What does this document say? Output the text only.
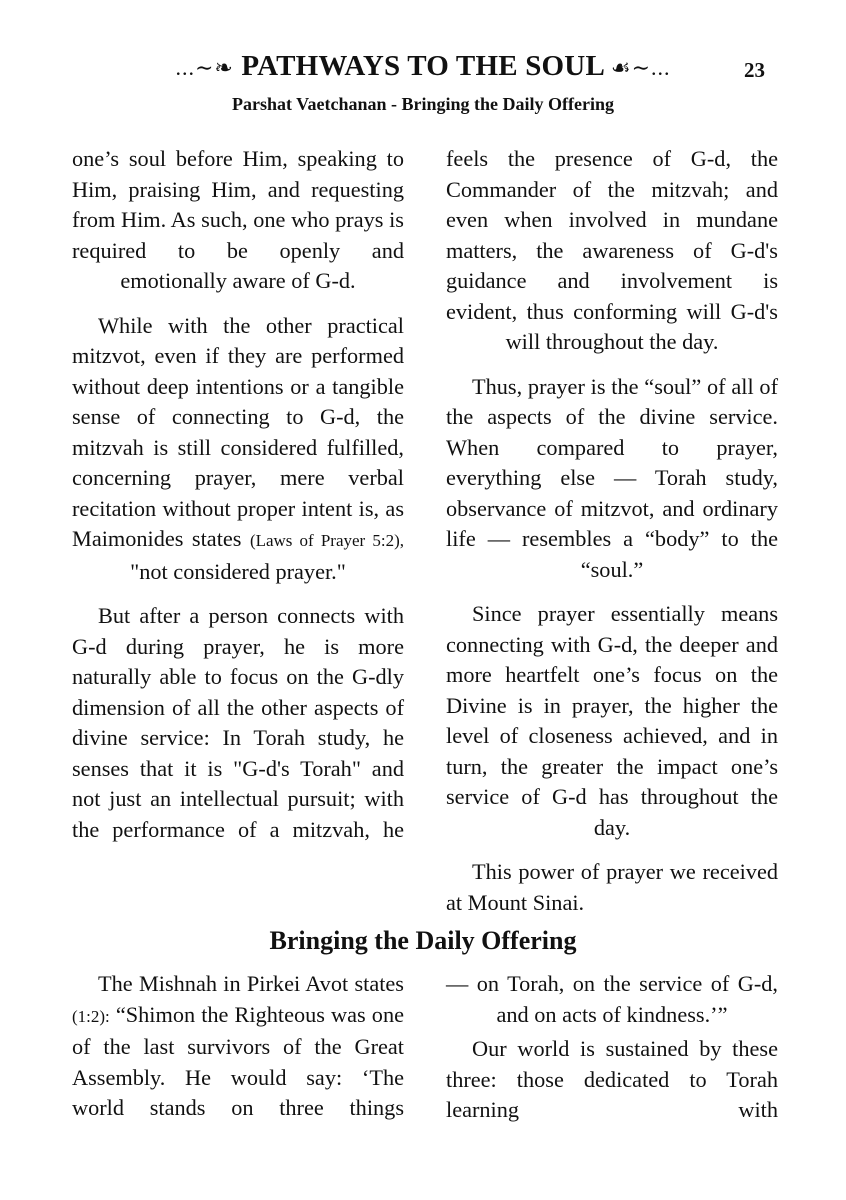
...∼❧ PATHWAYS TO THE SOUL ☙∼...	23
Parshat Vaetchanan - Bringing the Daily Offering

one’s soul before Him, speaking to Him, praising Him, and requesting from Him. As such, one who prays is required to be openly and emotionally aware of G-d.

While with the other practical mitzvot, even if they are performed without deep intentions or a tangible sense of connecting to G-d, the mitzvah is still considered fulfilled, concerning prayer, mere verbal recitation without proper intent is, as Maimonides states (Laws of Prayer 5:2), "not considered prayer."

But after a person connects with G-d during prayer, he is more naturally able to focus on the G-dly dimension of all the other aspects of divine service: In Torah study, he senses that it is "G-d's Torah" and not just an intellectual pursuit; with the performance of a mitzvah, he

feels the presence of G-d, the Commander of the mitzvah; and even when involved in mundane matters, the awareness of G-d's guidance and involvement is evident, thus conforming will G-d's will throughout the day.

Thus, prayer is the “soul” of all of the aspects of the divine service. When compared to prayer, everything else — Torah study, observance of mitzvot, and ordinary life — resembles a “body” to the “soul.”

Since prayer essentially means connecting with G-d, the deeper and more heartfelt one’s focus on the Divine is in prayer, the higher the level of closeness achieved, and in turn, the greater the impact one’s service of G-d has throughout the day.

This power of prayer we received at Mount Sinai.

Bringing the Daily Offering

The Mishnah in Pirkei Avot states (1:2): “Shimon the Righteous was one of the last survivors of the Great Assembly. He would say: ‘The world stands on three things

— on Torah, on the service of G-d, and on acts of kindness.’”

Our world is sustained by these three: those dedicated to Torah learning with
